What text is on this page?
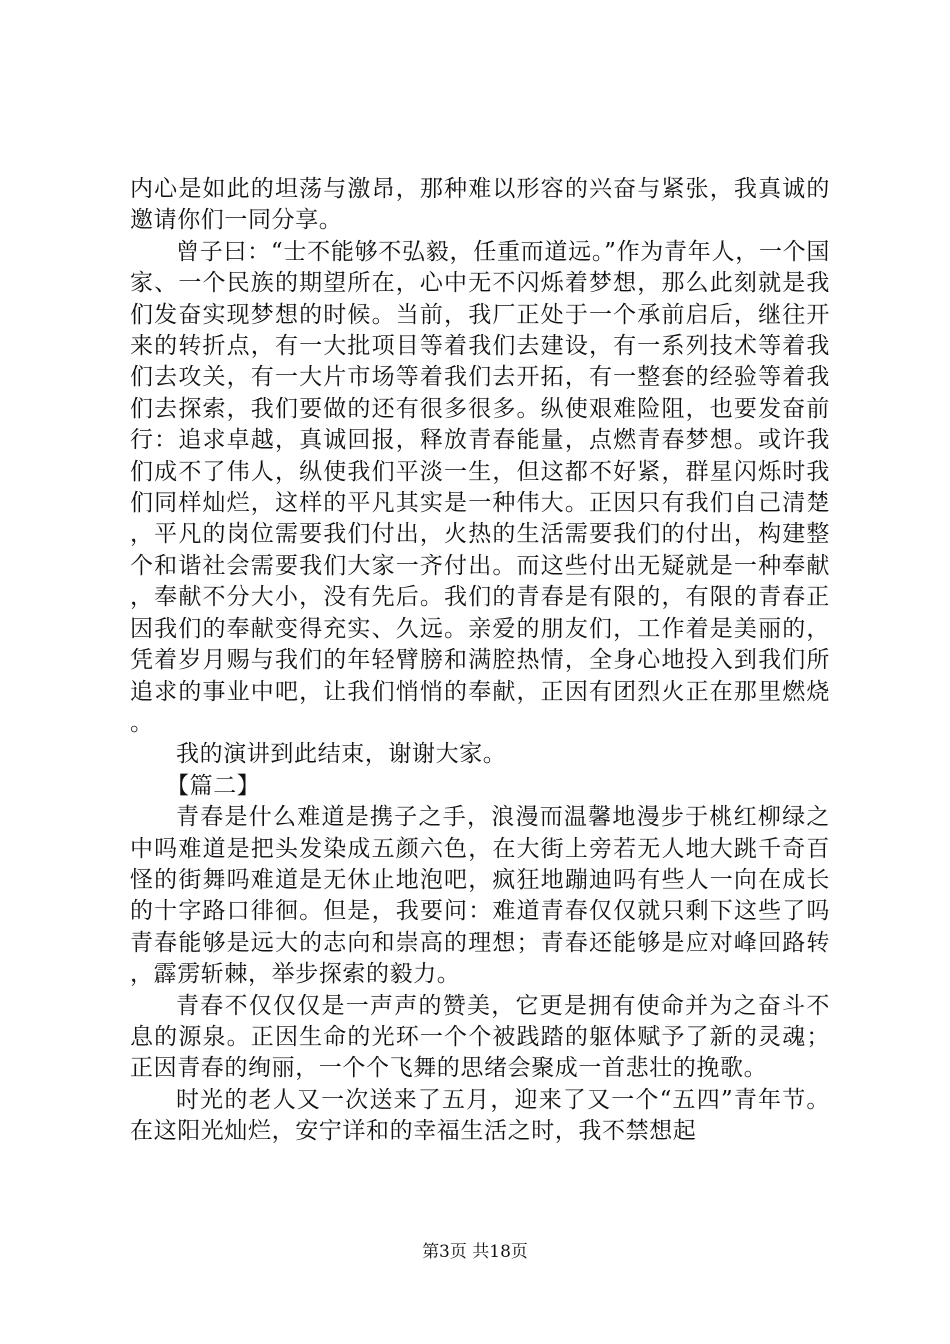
内心是如此的坦荡与激昂，那种难以形容的兴奋与紧张，我真诚的邀请你们一同分享。

曾子曰：“士不能够不弘毅，任重而道远。”作为青年人，一个国家、一个民族的期望所在，心中无不闪烁着梦想，那么此刻就是我们发奋实现梦想的时候。当前，我厂正处于一个承前启后，继往开来的转折点，有一大批项目等着我们去建设，有一系列技术等着我们去攻关，有一大片市场等着我们去开拓，有一整套的经验等着我们去探索，我们要做的还有很多很多。纵使艰难险阻，也要发奋前行：追求卓越，真诚回报，释放青春能量，点燃青春梦想。或许我们成不了伟人，纵使我们平淡一生，但这都不好紧，群星闪烁时我们同样灿烂，这样的平凡其实是一种伟大。正因只有我们自己清楚，平凡的岗位需要我们付出，火热的生活需要我们的付出，构建整个和谐社会需要我们大家一齐付出。而这些付出无疑就是一种奉献，奉献不分大小，没有先后。我们的青春是有限的，有限的青春正因我们的奉献变得充实、久远。亲爱的朋友们，工作着是美丽的，凭着岁月赐与我们的年轻臂膀和满腔热情，全身心地投入到我们所追求的事业中吧，让我们悄悄的奉献，正因有团烈火正在那里燃烧。

我的演讲到此结束，谢谢大家。

【篇二】

青春是什么难道是携子之手，浪漫而温馨地漫步于桃红柳绿之中吗难道是把头发染成五颜六色，在大街上旁若无人地大跳千奇百怪的街舞吗难道是无休止地泡吧，疯狂地蹦迪吗有些人一向在成长的十字路口徘徊。但是，我要问：难道青春仅仅就只剩下这些了吗青春能够是远大的志向和崇高的理想；青春还能够是应对峰回路转，霹雳斩棘，举步探索的毅力。

青春不仅仅仅是一声声的赞美，它更是拥有使命并为之奋斗不息的源泉。正因生命的光环一个个被践踏的躯体赋予了新的灵魂；正因青春的绚丽，一个个飞舞的思绪会聚成一首悲壮的挽歌。

时光的老人又一次送来了五月，迎来了又一个“五四”青年节。在这阳光灿烂，安宁详和的幸福生活之时，我不禁想起

第3页 共18页
